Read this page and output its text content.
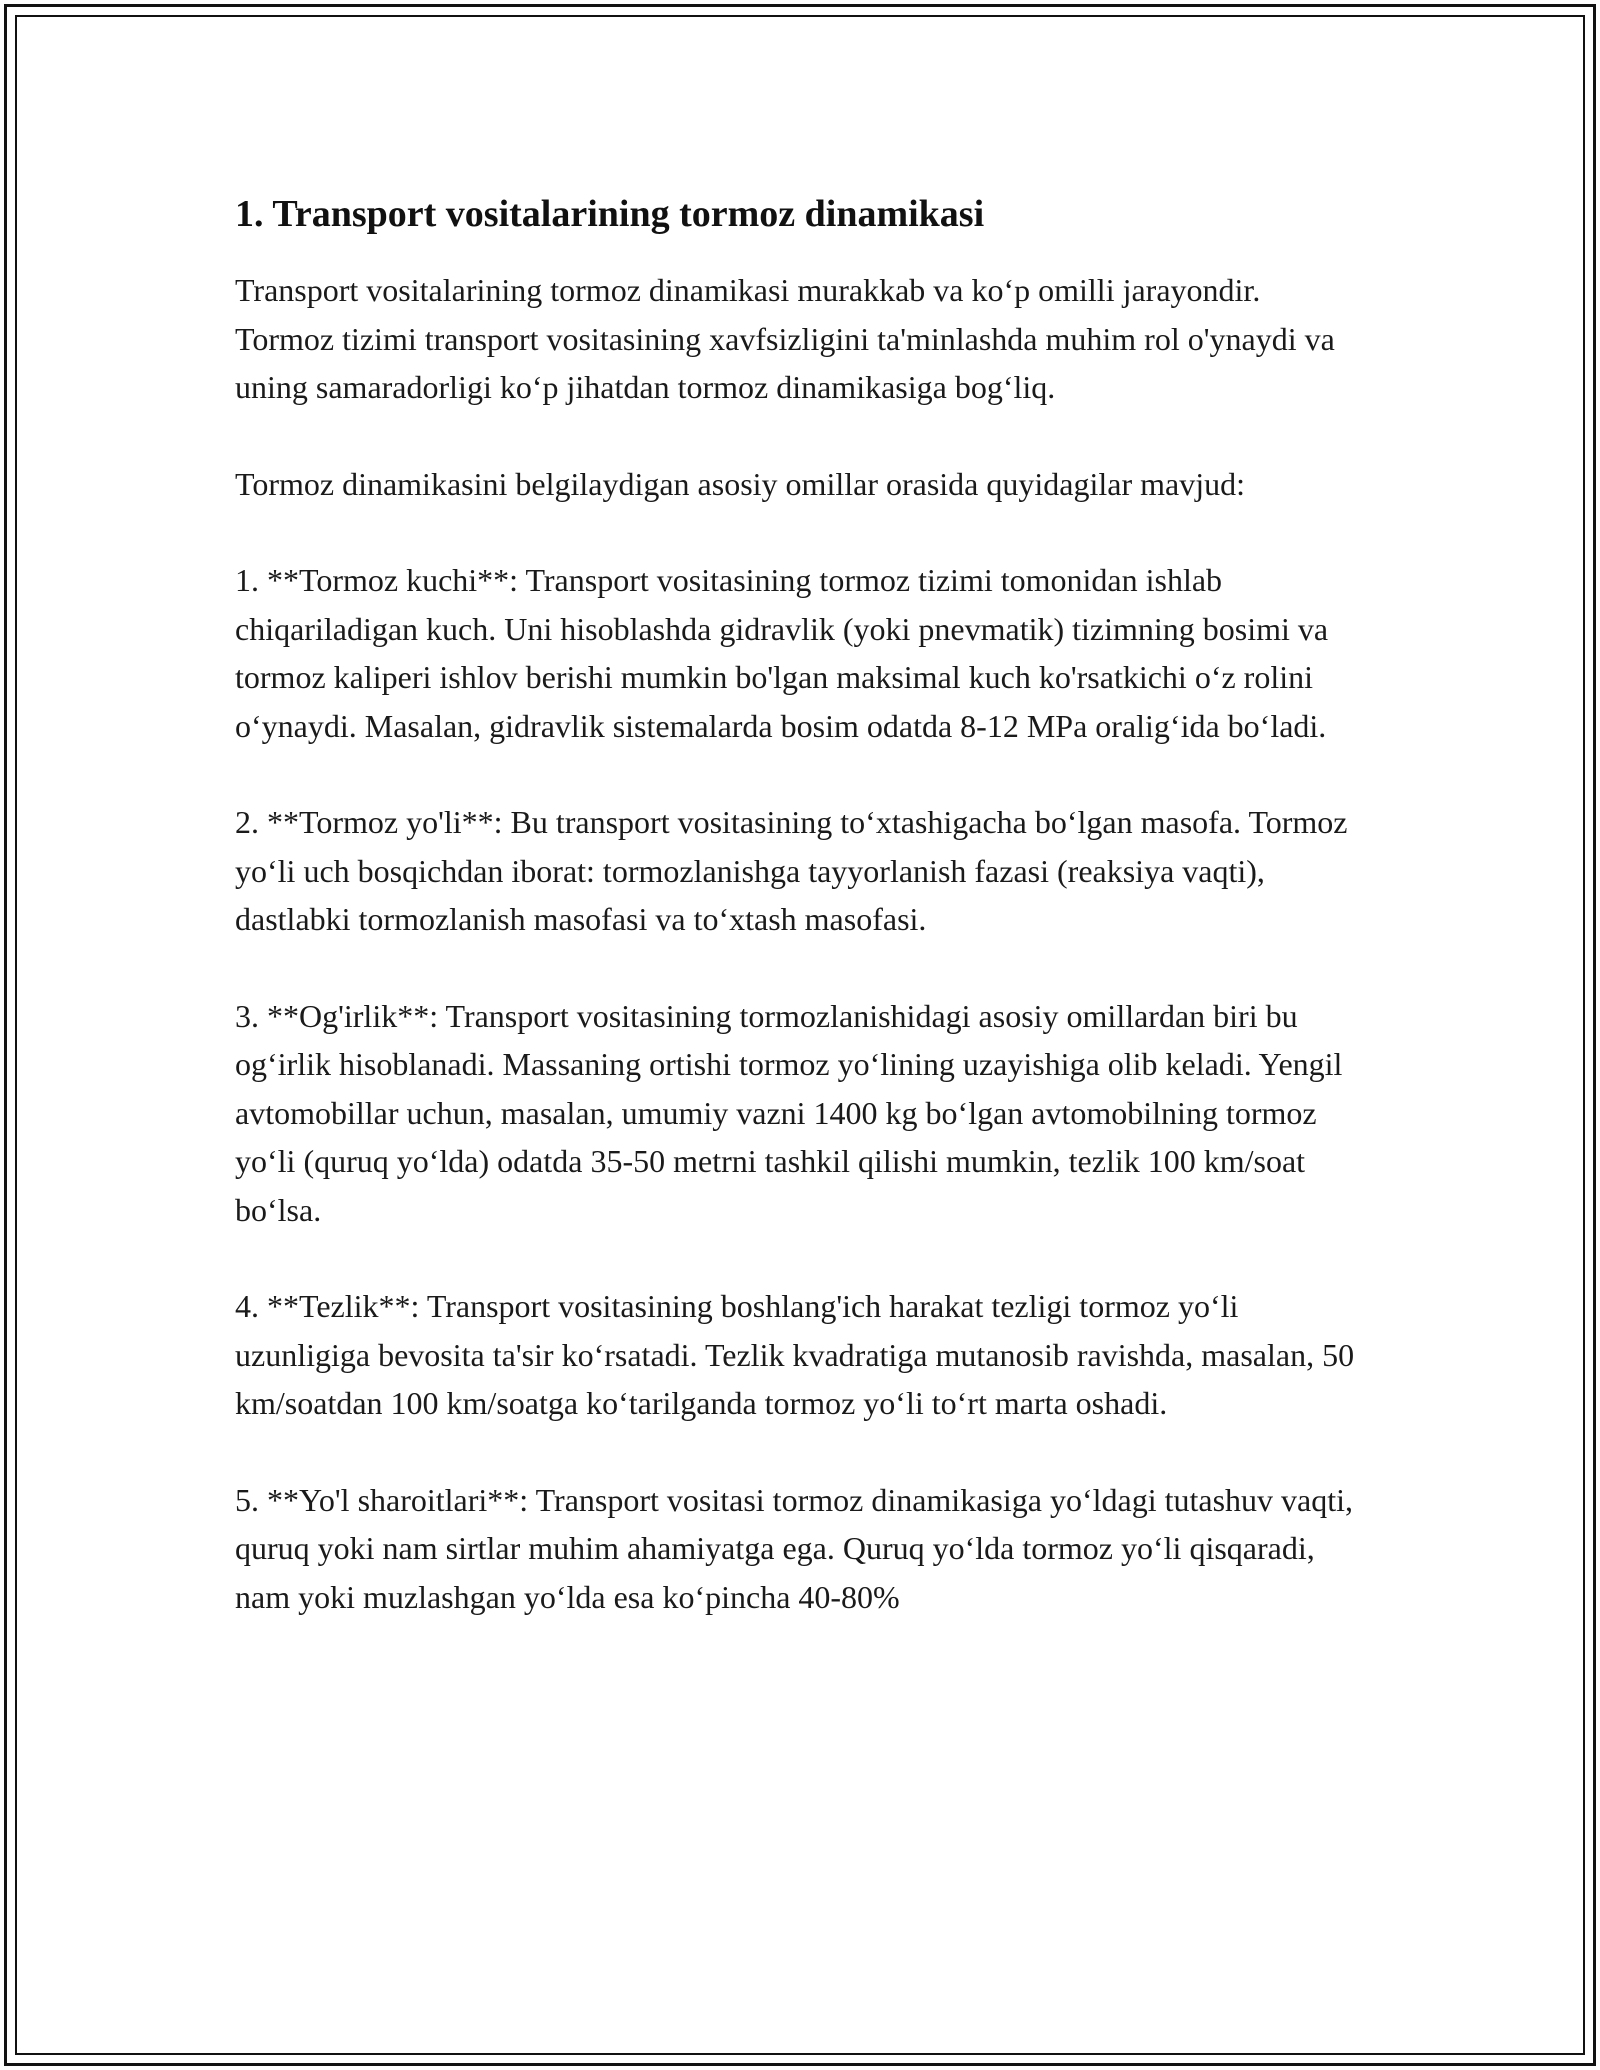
1. Transport vositalarining tormoz dinamikasi

Transport vositalarining tormoz dinamikasi murakkab va ko‘p omilli jarayondir. Tormoz tizimi transport vositasining xavfsizligini ta'minlashda muhim rol o'ynaydi va uning samaradorligi ko‘p jihatdan tormoz dinamikasiga bog‘liq.

Tormoz dinamikasini belgilaydigan asosiy omillar orasida quyidagilar mavjud:

1. **Tormoz kuchi**: Transport vositasining tormoz tizimi tomonidan ishlab chiqariladigan kuch. Uni hisoblashda gidravlik (yoki pnevmatik) tizimning bosimi va tormoz kaliperi ishlov berishi mumkin bo'lgan maksimal kuch ko'rsatkichi o‘z rolini o‘ynaydi. Masalan, gidravlik sistemalarda bosim odatda 8-12 MPa oralig‘ida bo‘ladi.

2. **Tormoz yo'li**: Bu transport vositasining to‘xtashigacha bo‘lgan masofa. Tormoz yo‘li uch bosqichdan iborat: tormozlanishga tayyorlanish fazasi (reaksiya vaqti), dastlabki tormozlanish masofasi va to‘xtash masofasi.

3. **Og'irlik**: Transport vositasining tormozlanishidagi asosiy omillardan biri bu og‘irlik hisoblanadi. Massaning ortishi tormoz yo‘lining uzayishiga olib keladi. Yengil avtomobillar uchun, masalan, umumiy vazni 1400 kg bo‘lgan avtomobilning tormoz yo‘li (quruq yo‘lda) odatda 35-50 metrni tashkil qilishi mumkin, tezlik 100 km/soat bo‘lsa.

4. **Tezlik**: Transport vositasining boshlang'ich harakat tezligi tormoz yo‘li uzunligiga bevosita ta'sir ko‘rsatadi. Tezlik kvadratiga mutanosib ravishda, masalan, 50 km/soatdan 100 km/soatga ko‘tarilganda tormoz yo‘li to‘rt marta oshadi.

5. **Yo'l sharoitlari**: Transport vositasi tormoz dinamikasiga yo‘ldagi tutashuv vaqti, quruq yoki nam sirtlar muhim ahamiyatga ega. Quruq yo‘lda tormoz yo‘li qisqaradi, nam yoki muzlashgan yo‘lda esa ko‘pincha 40-80%
